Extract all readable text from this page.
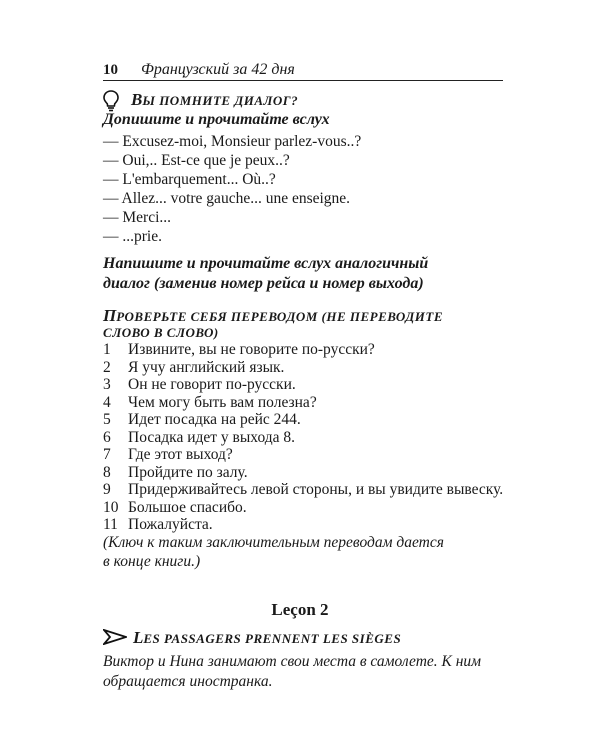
10 Французский за 42 дня
ВЫ ПОМНИТЕ ДИАЛОГ?
Допишите и прочитайте вслух
— Excusez-moi, Monsieur parlez-vous..?
— Oui,.. Est-ce que je peux..?
— L'embarquement... Où..?
— Allez... votre gauche... une enseigne.
— Merci...
— ...prie.
Напишите и прочитайте вслух аналогичный
диалог (заменив номер рейса и номер выхода)
ПРОВЕРЬТЕ СЕБЯ ПЕРЕВОДОМ (НЕ ПЕРЕВОДИТЕ
СЛОВО В СЛОВО)
1	Извините, вы не говорите по-русски?
2	Я учу английский язык.
3	Он не говорит по-русски.
4	Чем могу быть вам полезна?
5	Идет посадка на рейс 244.
6	Посадка идет у выхода 8.
7	Где этот выход?
8	Пройдите по залу.
9	Придерживайтесь левой стороны, и вы увидите вывеску.
10 Большое спасибо.
11 Пожалуйста.
(Ключ к таким заключительным переводам дается
в конце книги.)
Leçon 2
LES PASSAGERS PRENNENT LES SIÈGES
Виктор и Нина занимают свои места в самолете. К ним
обращается иностранка.
